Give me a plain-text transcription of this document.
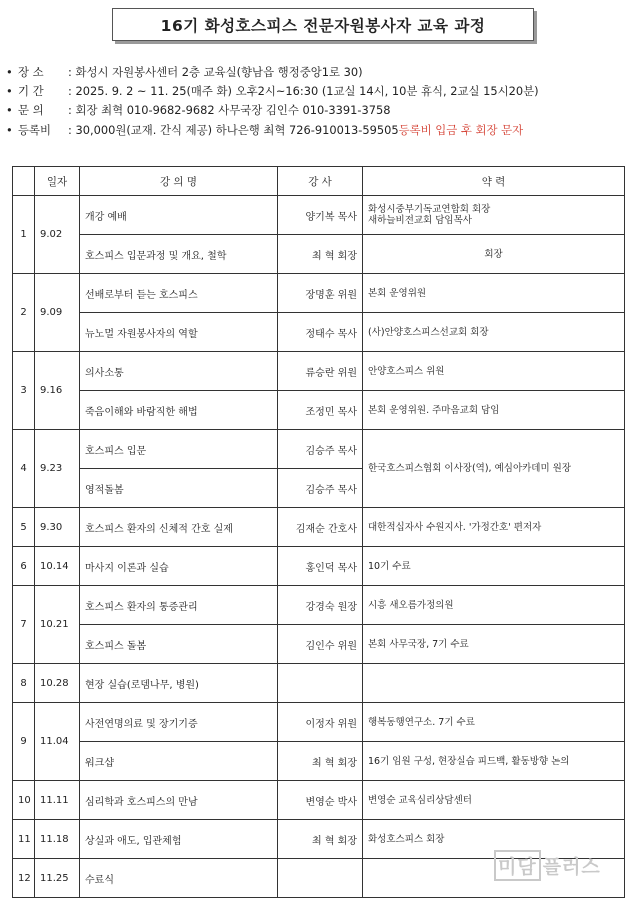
16기 화성호스피스 전문자원봉사자 교육 과정
• 장 소	: 화성시 자원봉사센터 2층 교육실(향남읍 행정중앙1로 30)
• 기 간	: 2025. 9. 2 ~ 11. 25(매주 화) 오후2시~16:30 (1교실 14시, 10분 휴식, 2교실 15시20분)
• 문 의	: 회장 최혁 010-9682-9682 사무국장 김인수 010-3391-3758
• 등록비	: 30,000원(교재. 간식 제공) 하나은행 최혁 726-910013-59505 등록비 입금 후 회장 문자
	일자	강 의 명	강 사	약 력
1	9.02	개강 예배	양기복 목사	화성시중부기독교연합회 회장
새하늘비전교회 담임목사
		호스피스 입문과정 및 개요, 철학	최 혁 회장	회장
2	9.09	선배로부터 듣는 호스피스	장명훈 위원	본회 운영위원
		뉴노멀 자원봉사자의 역할	정태수 목사	(사)안양호스피스선교회 회장
3	9.16	의사소통	류승란 위원	안양호스피스 위원
		죽음이해와 바람직한 해법	조정민 목사	본회 운영위원. 주마음교회 담임
4	9.23	호스피스 입문	김승주 목사	한국호스피스협회 이사장(역), 예심아카데미 원장
		영적돌봄	김승주 목사	
5	9.30	호스피스 환자의 신체적 간호 실제	김재순 간호사	대한적십자사 수원지사. '가정간호' 편저자
6	10.14	마사지 이론과 실습	홍인덕 목사	10기 수료
7	10.21	호스피스 환자의 통증관리	강경숙 원장	시흥 새오름가정의원
		호스피스 돌봄	김인수 위원	본회 사무국장, 7기 수료
8	10.28	현장 실습(로뎀나무, 병원)		
9	11.04	사전연명의료 및 장기기증	이정자 위원	행복동행연구소. 7기 수료
		워크샵	최 혁 회장	16기 임원 구성, 현장실습 피드백, 활동방향 논의
10	11.11	심리학과 호스피스의 만남	변영순 박사	변영순 교육심리상담센터
11	11.18	상실과 애도, 입관체험	최 혁 회장	화성호스피스 회장
12	11.25	수료식		
미담 플러스
